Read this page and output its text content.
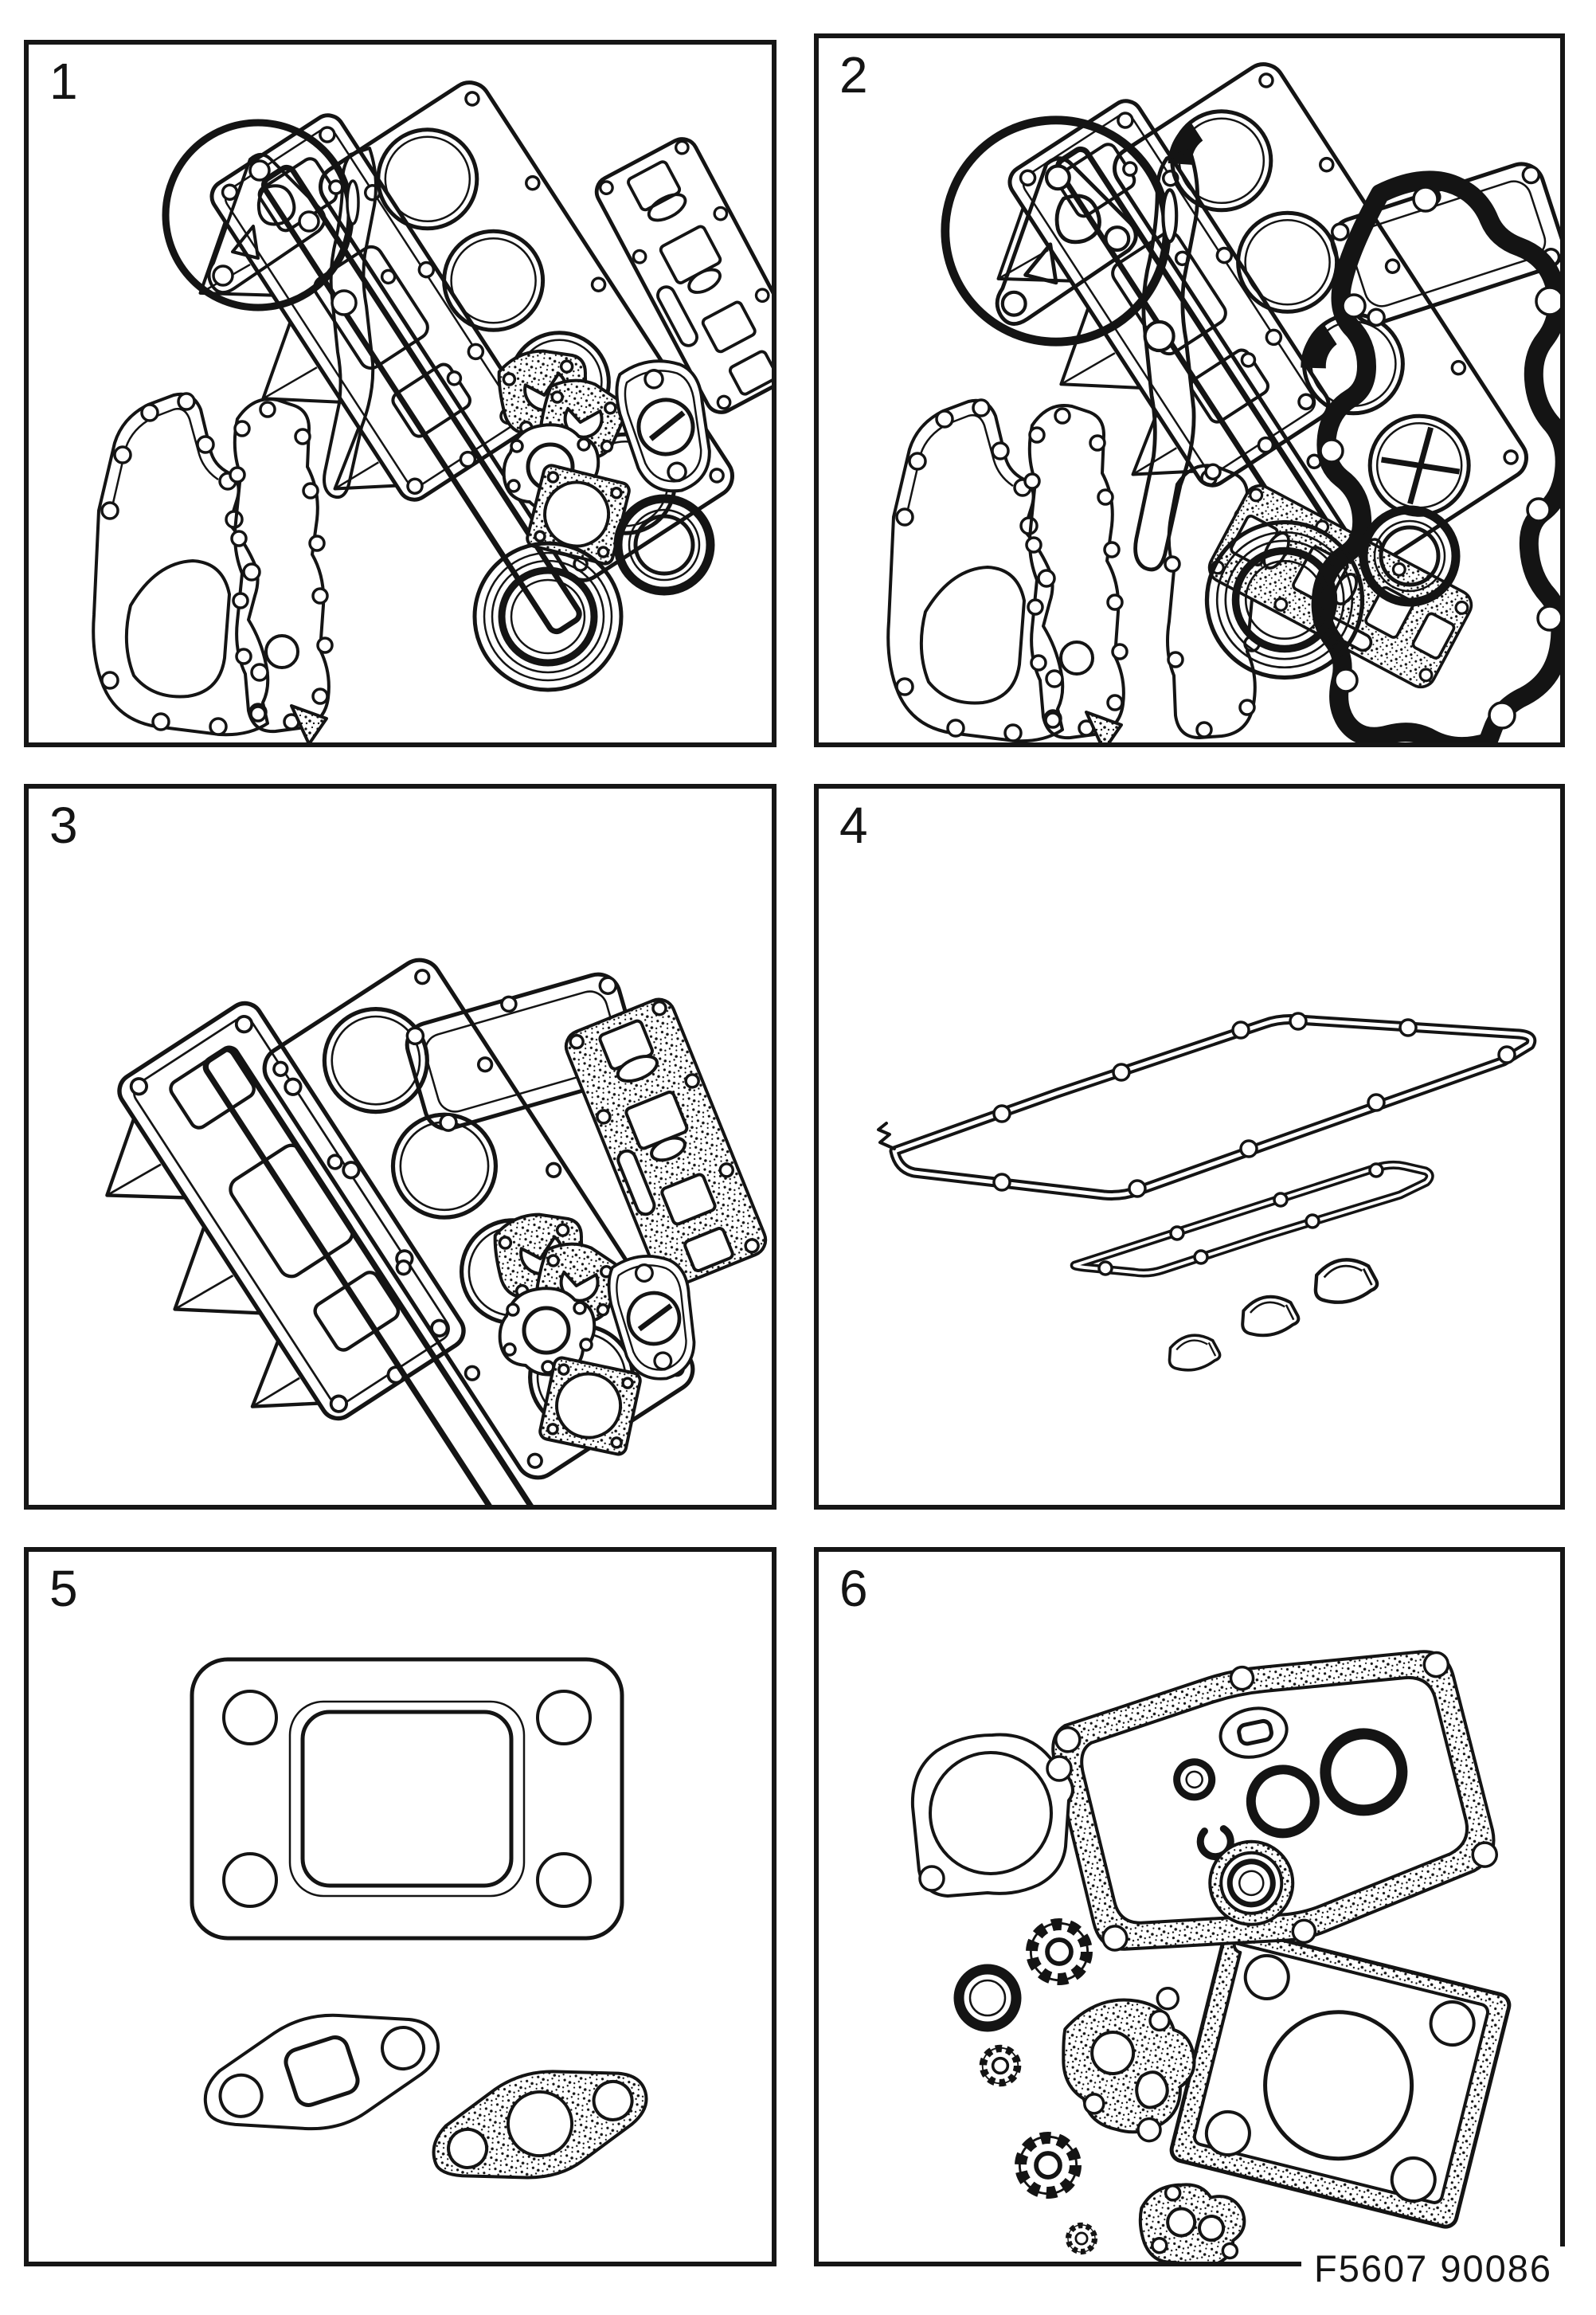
1	2
3	4
5	6
F5607 90086
